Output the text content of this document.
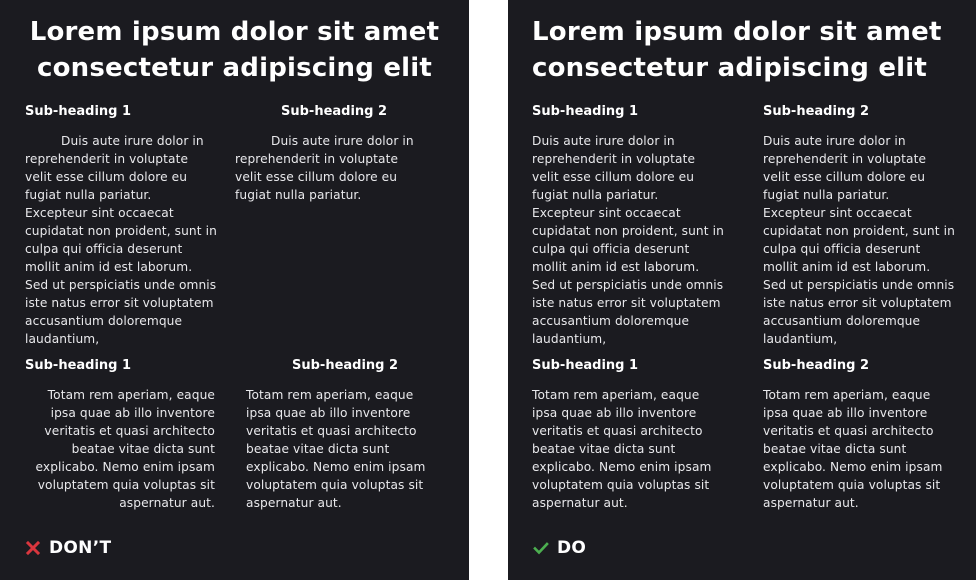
Lorem ipsum dolor sit amet
consectetur adipiscing elit
Sub-heading 1	Sub-heading 2

Duis aute irure dolor in reprehenderit in voluptate velit esse cillum dolore eu fugiat nulla pariatur. Excepteur sint occaecat cupidatat non proident, sunt in culpa qui officia deserunt mollit anim id est laborum. Sed ut perspiciatis unde omnis iste natus error sit voluptatem accusantium doloremque laudantium,

Duis aute irure dolor in reprehenderit in voluptate velit esse cillum dolore eu fugiat nulla pariatur.

Sub-heading 1	Sub-heading 2

Totam rem aperiam, eaque ipsa quae ab illo inventore veritatis et quasi architecto beatae vitae dicta sunt explicabo. Nemo enim ipsam voluptatem quia voluptas sit aspernatur aut.

Totam rem aperiam, eaque ipsa quae ab illo inventore veritatis et quasi architecto beatae vitae dicta sunt explicabo. Nemo enim ipsam voluptatem quia voluptas sit aspernatur aut.

DON’T
Lorem ipsum dolor sit amet
consectetur adipiscing elit
Sub-heading 1	Sub-heading 2

Duis aute irure dolor in reprehenderit in voluptate velit esse cillum dolore eu fugiat nulla pariatur. Excepteur sint occaecat cupidatat non proident, sunt in culpa qui officia deserunt mollit anim id est laborum. Sed ut perspiciatis unde omnis iste natus error sit voluptatem accusantium doloremque laudantium,

Duis aute irure dolor in reprehenderit in voluptate velit esse cillum dolore eu fugiat nulla pariatur. Excepteur sint occaecat cupidatat non proident, sunt in culpa qui officia deserunt mollit anim id est laborum. Sed ut perspiciatis unde omnis iste natus error sit voluptatem accusantium doloremque laudantium,

Sub-heading 1	Sub-heading 2

Totam rem aperiam, eaque ipsa quae ab illo inventore veritatis et quasi architecto beatae vitae dicta sunt explicabo. Nemo enim ipsam voluptatem quia voluptas sit aspernatur aut.

Totam rem aperiam, eaque ipsa quae ab illo inventore veritatis et quasi architecto beatae vitae dicta sunt explicabo. Nemo enim ipsam voluptatem quia voluptas sit aspernatur aut.

DO
